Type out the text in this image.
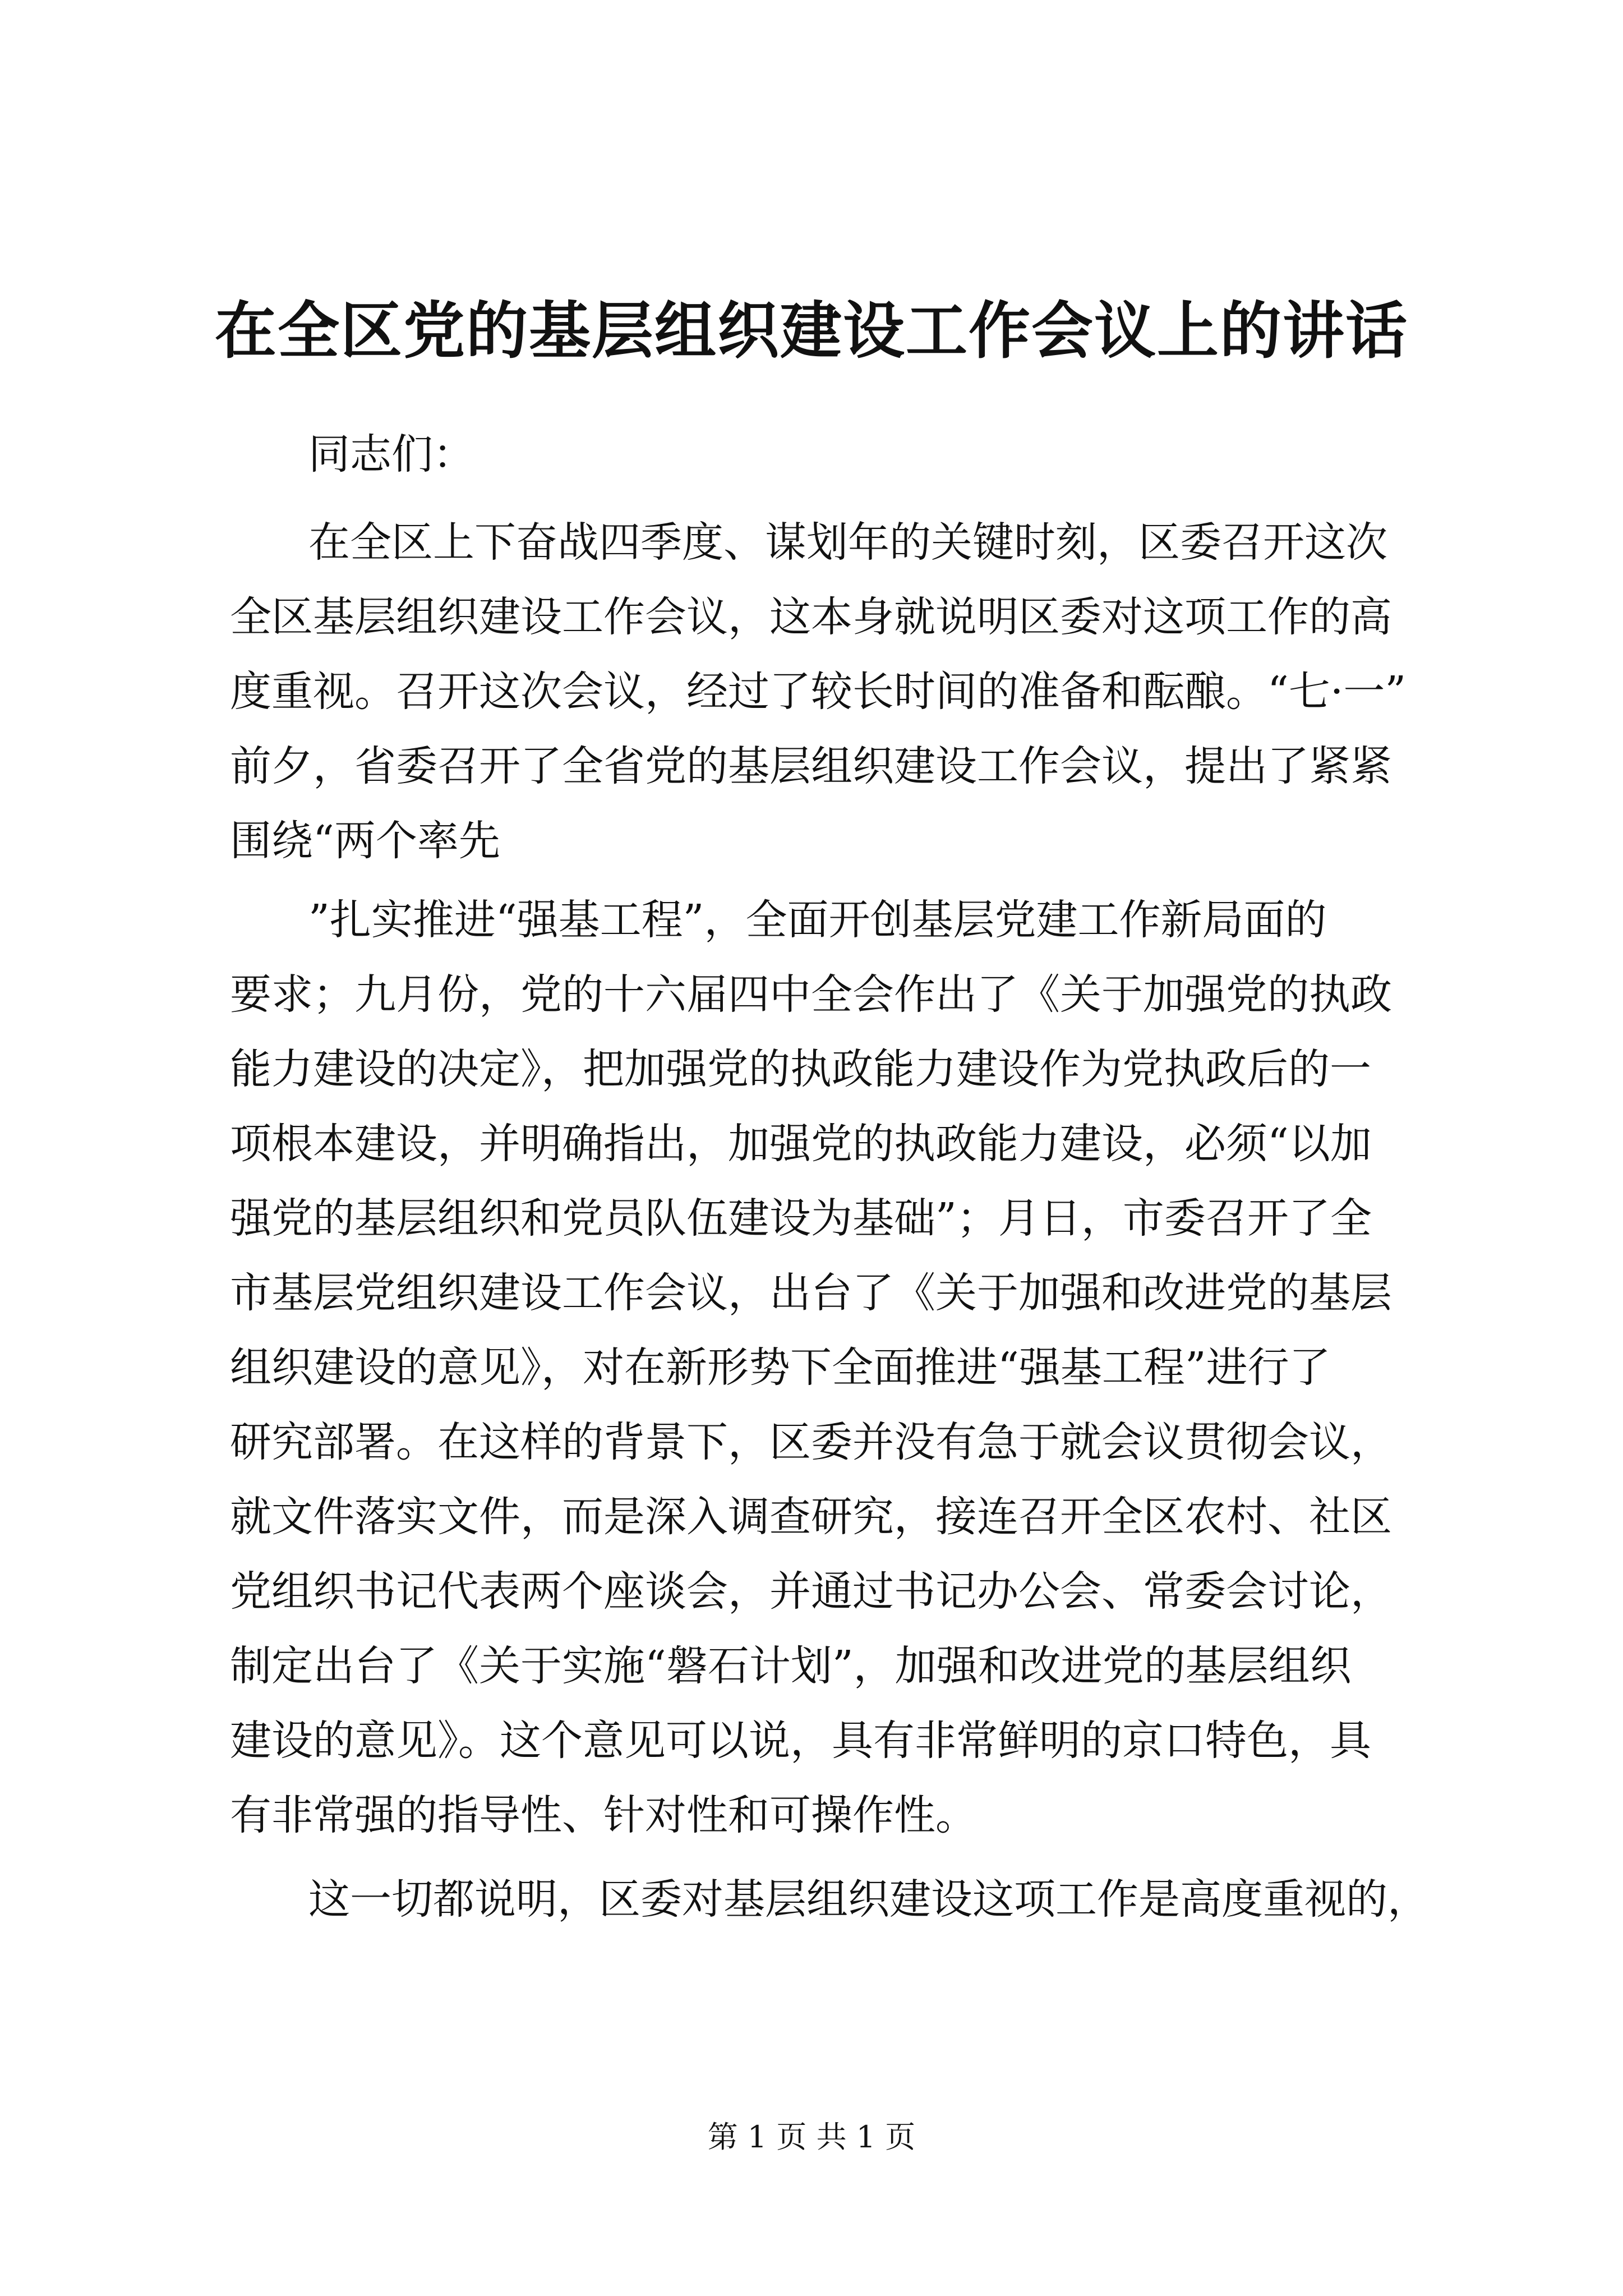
在全区党的基层组织建设工作会议上的讲话
同志们：
在全区上下奋战四季度、谋划年的关键时刻，区委召开这次
全区基层组织建设工作会议，这本身就说明区委对这项工作的高
度重视。召开这次会议，经过了较长时间的准备和酝酿。“七·一”
前夕，省委召开了全省党的基层组织建设工作会议，提出了紧紧
围绕“两个率先
”扎实推进“强基工程”，全面开创基层党建工作新局面的
要求；九月份，党的十六届四中全会作出了《关于加强党的执政
能力建设的决定》，把加强党的执政能力建设作为党执政后的一
项根本建设，并明确指出，加强党的执政能力建设，必须“以加
强党的基层组织和党员队伍建设为基础”；月日，市委召开了全
市基层党组织建设工作会议，出台了《关于加强和改进党的基层
组织建设的意见》，对在新形势下全面推进“强基工程”进行了
研究部署。在这样的背景下，区委并没有急于就会议贯彻会议，
就文件落实文件，而是深入调查研究，接连召开全区农村、社区
党组织书记代表两个座谈会，并通过书记办公会、常委会讨论，
制定出台了《关于实施“磐石计划”，加强和改进党的基层组织
建设的意见》。这个意见可以说，具有非常鲜明的京口特色，具
有非常强的指导性、针对性和可操作性。
这一切都说明，区委对基层组织建设这项工作是高度重视的，
第 1 页 共 1 页
